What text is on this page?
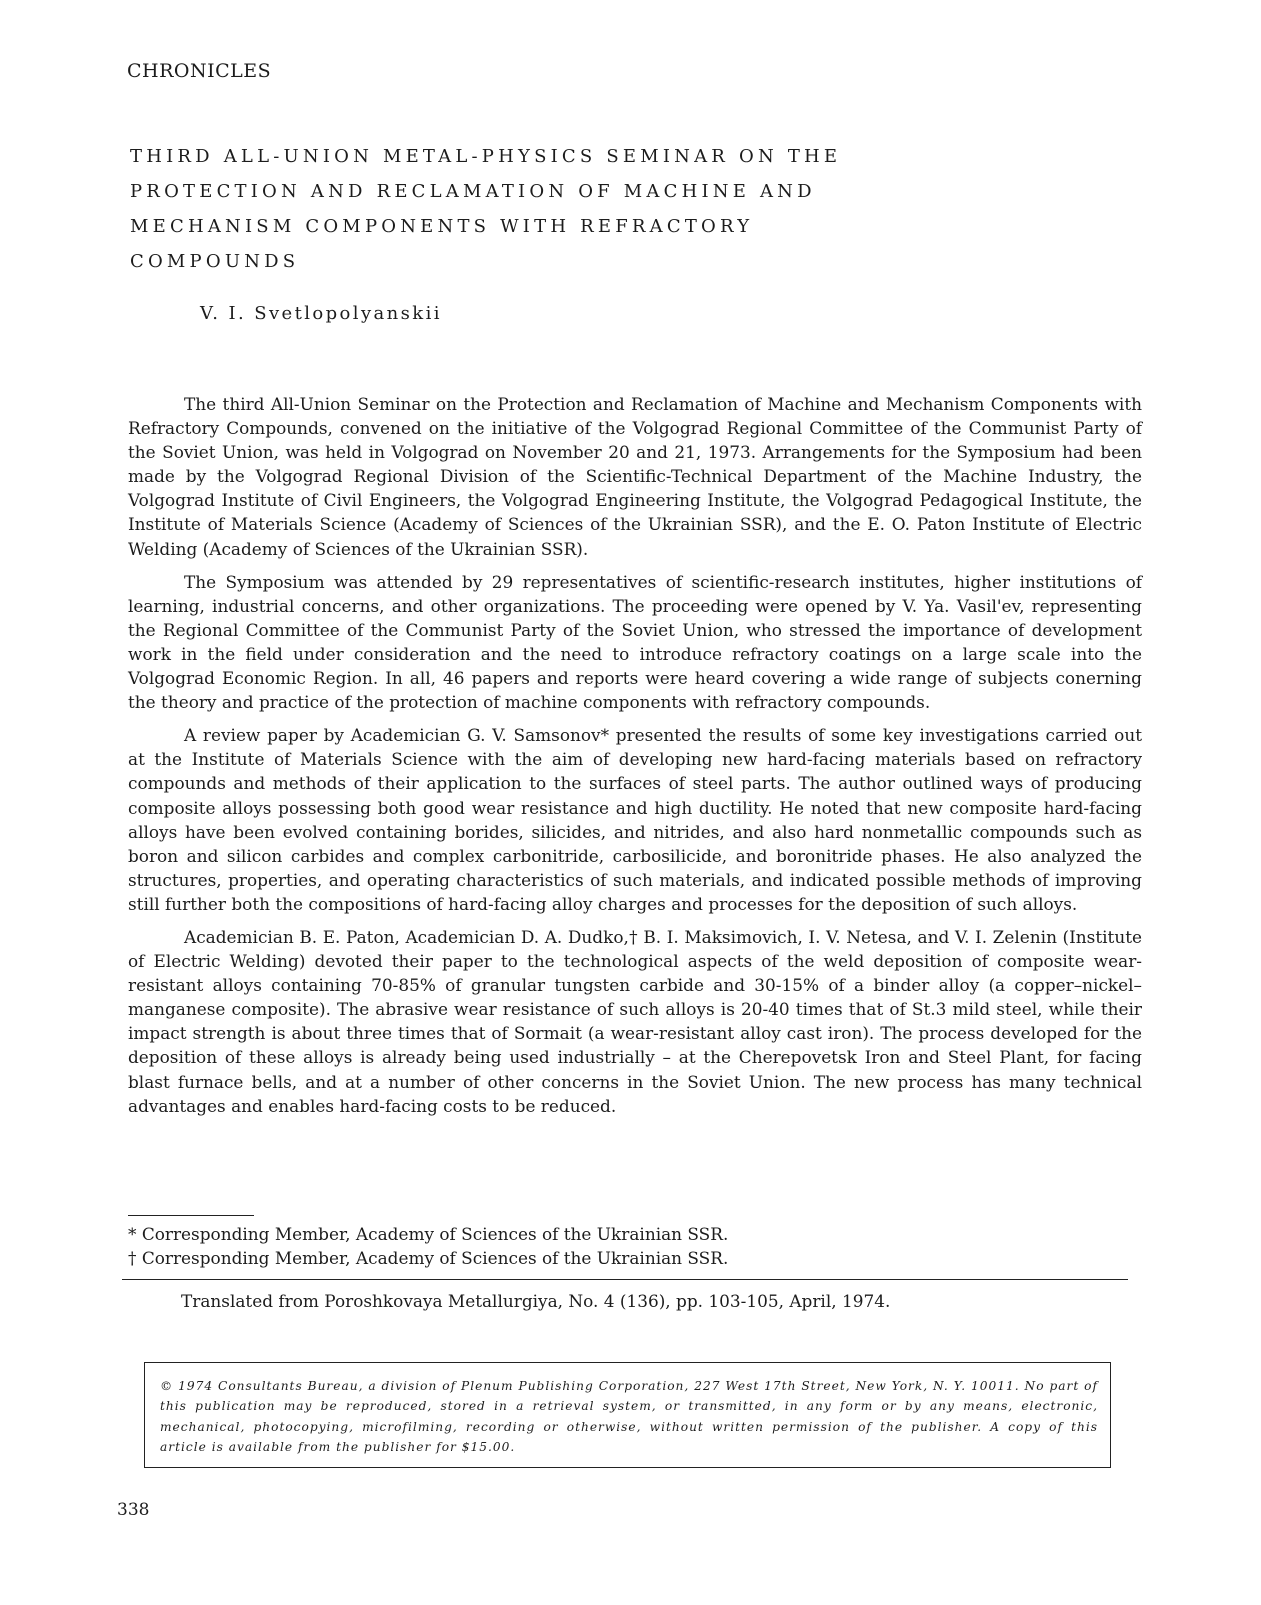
CHRONICLES
THIRD ALL-UNION METAL-PHYSICS SEMINAR ON THE
PROTECTION AND RECLAMATION OF MACHINE AND
MECHANISM COMPONENTS WITH REFRACTORY
COMPOUNDS
V. I. Svetlopolyanskii

The third All-Union Seminar on the Protection and Reclamation of Machine and Mechanism Components with Refractory Compounds, convened on the initiative of the Volgograd Regional Committee of the Communist Party of the Soviet Union, was held in Volgograd on November 20 and 21, 1973. Arrangements for the Symposium had been made by the Volgograd Regional Division of the Scientific-Technical Department of the Machine Industry, the Volgograd Institute of Civil Engineers, the Volgograd Engineering Institute, the Volgograd Pedagogical Institute, the Institute of Materials Science (Academy of Sciences of the Ukrainian SSR), and the E. O. Paton Institute of Electric Welding (Academy of Sciences of the Ukrainian SSR).

The Symposium was attended by 29 representatives of scientific-research institutes, higher institutions of learning, industrial concerns, and other organizations. The proceeding were opened by V. Ya. Vasil'ev, representing the Regional Committee of the Communist Party of the Soviet Union, who stressed the importance of development work in the field under consideration and the need to introduce refractory coatings on a large scale into the Volgograd Economic Region. In all, 46 papers and reports were heard covering a wide range of subjects conerning the theory and practice of the protection of machine components with refractory compounds.

A review paper by Academician G. V. Samsonov* presented the results of some key investigations carried out at the Institute of Materials Science with the aim of developing new hard-facing materials based on refractory compounds and methods of their application to the surfaces of steel parts. The author outlined ways of producing composite alloys possessing both good wear resistance and high ductility. He noted that new composite hard-facing alloys have been evolved containing borides, silicides, and nitrides, and also hard nonmetallic compounds such as boron and silicon carbides and complex carbonitride, carbosilicide, and boronitride phases. He also analyzed the structures, properties, and operating characteristics of such materials, and indicated possible methods of improving still further both the compositions of hard-facing alloy charges and processes for the deposition of such alloys.

Academician B. E. Paton, Academician D. A. Dudko,† B. I. Maksimovich, I. V. Netesa, and V. I. Zelenin (Institute of Electric Welding) devoted their paper to the technological aspects of the weld deposition of composite wear-resistant alloys containing 70-85% of granular tungsten carbide and 30-15% of a binder alloy (a copper–nickel–manganese composite). The abrasive wear resistance of such alloys is 20-40 times that of St.3 mild steel, while their impact strength is about three times that of Sormait (a wear-resistant alloy cast iron). The process developed for the deposition of these alloys is already being used industrially – at the Cherepovetsk Iron and Steel Plant, for facing blast furnace bells, and at a number of other concerns in the Soviet Union. The new process has many technical advantages and enables hard-facing costs to be reduced.

* Corresponding Member, Academy of Sciences of the Ukrainian SSR.
† Corresponding Member, Academy of Sciences of the Ukrainian SSR.
Translated from Poroshkovaya Metallurgiya, No. 4 (136), pp. 103-105, April, 1974.
© 1974 Consultants Bureau, a division of Plenum Publishing Corporation, 227 West 17th Street, New York, N. Y. 10011. No part of this publication may be reproduced, stored in a retrieval system, or transmitted, in any form or by any means, electronic, mechanical, photocopying, microfilming, recording or otherwise, without written permission of the publisher. A copy of this article is available from the publisher for $15.00.
338
